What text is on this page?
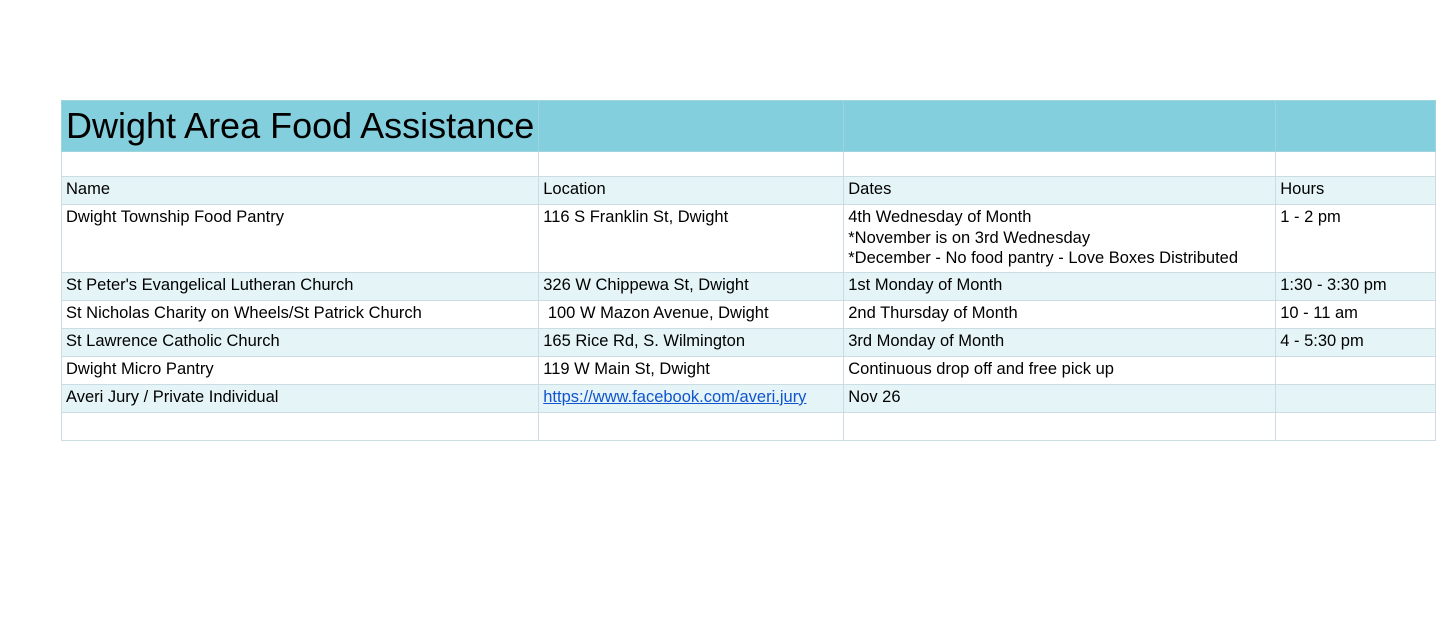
Dwight Area Food Assistance			

Name	Location	Dates	Hours
Dwight Township Food Pantry	116 S Franklin St, Dwight	4th Wednesday of Month
*November is on 3rd Wednesday
*December - No food pantry - Love Boxes Distributed	1 - 2 pm
St Peter's Evangelical Lutheran Church	326 W Chippewa St, Dwight	1st Monday of Month	1:30 - 3:30 pm
St Nicholas Charity on Wheels/St Patrick Church	100 W Mazon Avenue, Dwight	2nd Thursday of Month	10 - 11 am
St Lawrence Catholic Church	165 Rice Rd, S. Wilmington	3rd Monday of Month	4 - 5:30 pm
Dwight Micro Pantry	119 W Main St, Dwight	Continuous drop off and free pick up	
Averi Jury / Private Individual	https://www.facebook.com/averi.jury	Nov 26	
